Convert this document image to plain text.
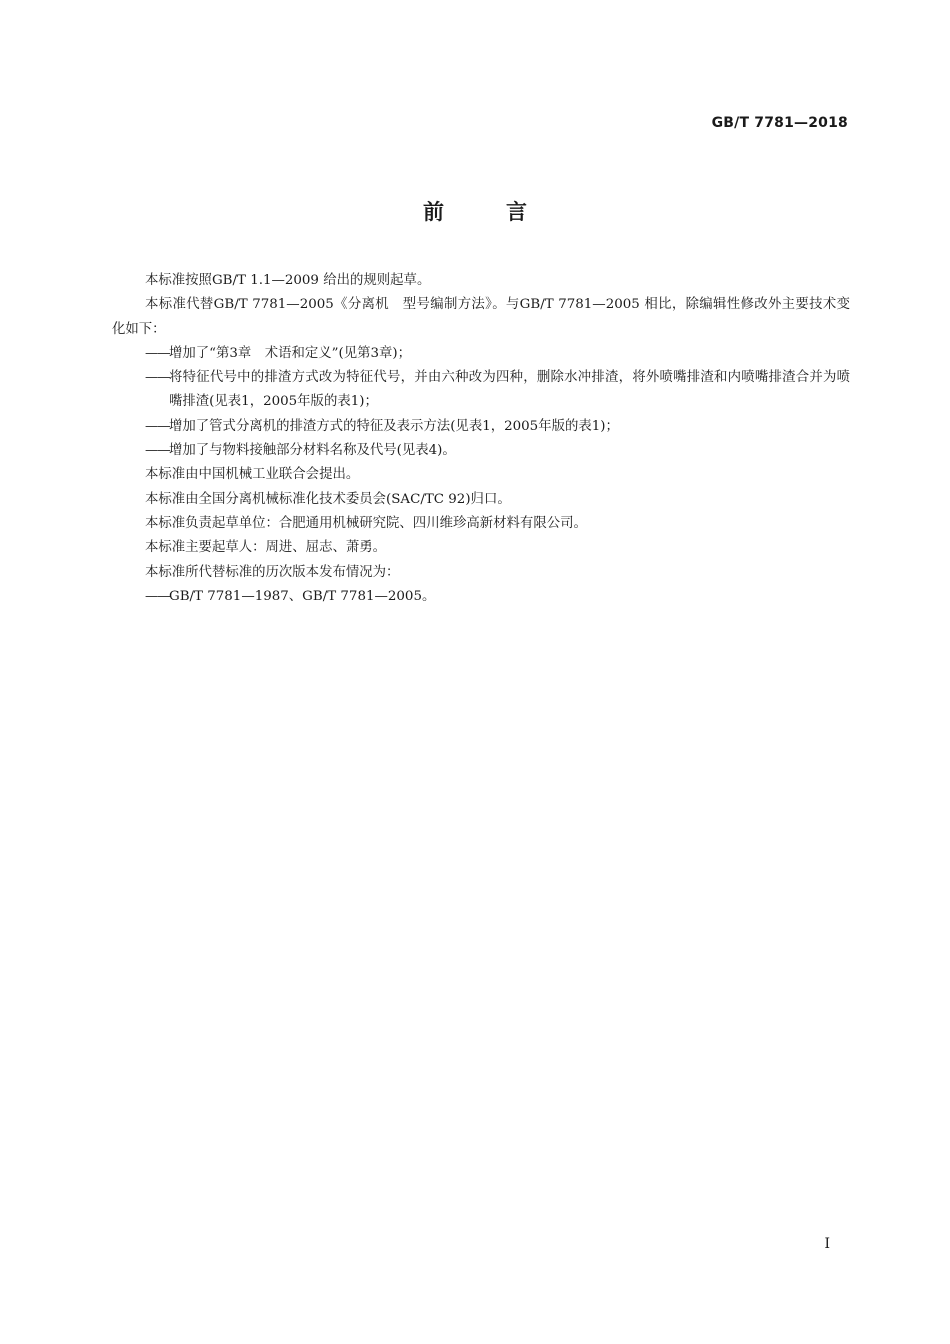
GB/T 7781—2018
前	言

本标准按照GB/T 1.1—2009 给出的规则起草。

本标准代替GB/T 7781—2005《分离机　型号编制方法》。与GB/T 7781—2005 相比，除编辑性修改外主要技术变化如下：

—— 增加了“第3章　术语和定义”(见第3章)；
—— 将特征代号中的排渣方式改为特征代号，并由六种改为四种，删除水冲排渣，将外喷嘴排渣和内喷嘴排渣合并为喷嘴排渣(见表1，2005年版的表1)；
—— 增加了管式分离机的排渣方式的特征及表示方法(见表1，2005年版的表1)；
—— 增加了与物料接触部分材料名称及代号(见表4)。

本标准由中国机械工业联合会提出。

本标准由全国分离机械标准化技术委员会(SAC/TC 92)归口。

本标准负责起草单位：合肥通用机械研究院、四川维珍高新材料有限公司。

本标准主要起草人：周进、屈志、萧勇。

本标准所代替标准的历次版本发布情况为：

—— GB/T 7781—1987、GB/T 7781—2005。
I
